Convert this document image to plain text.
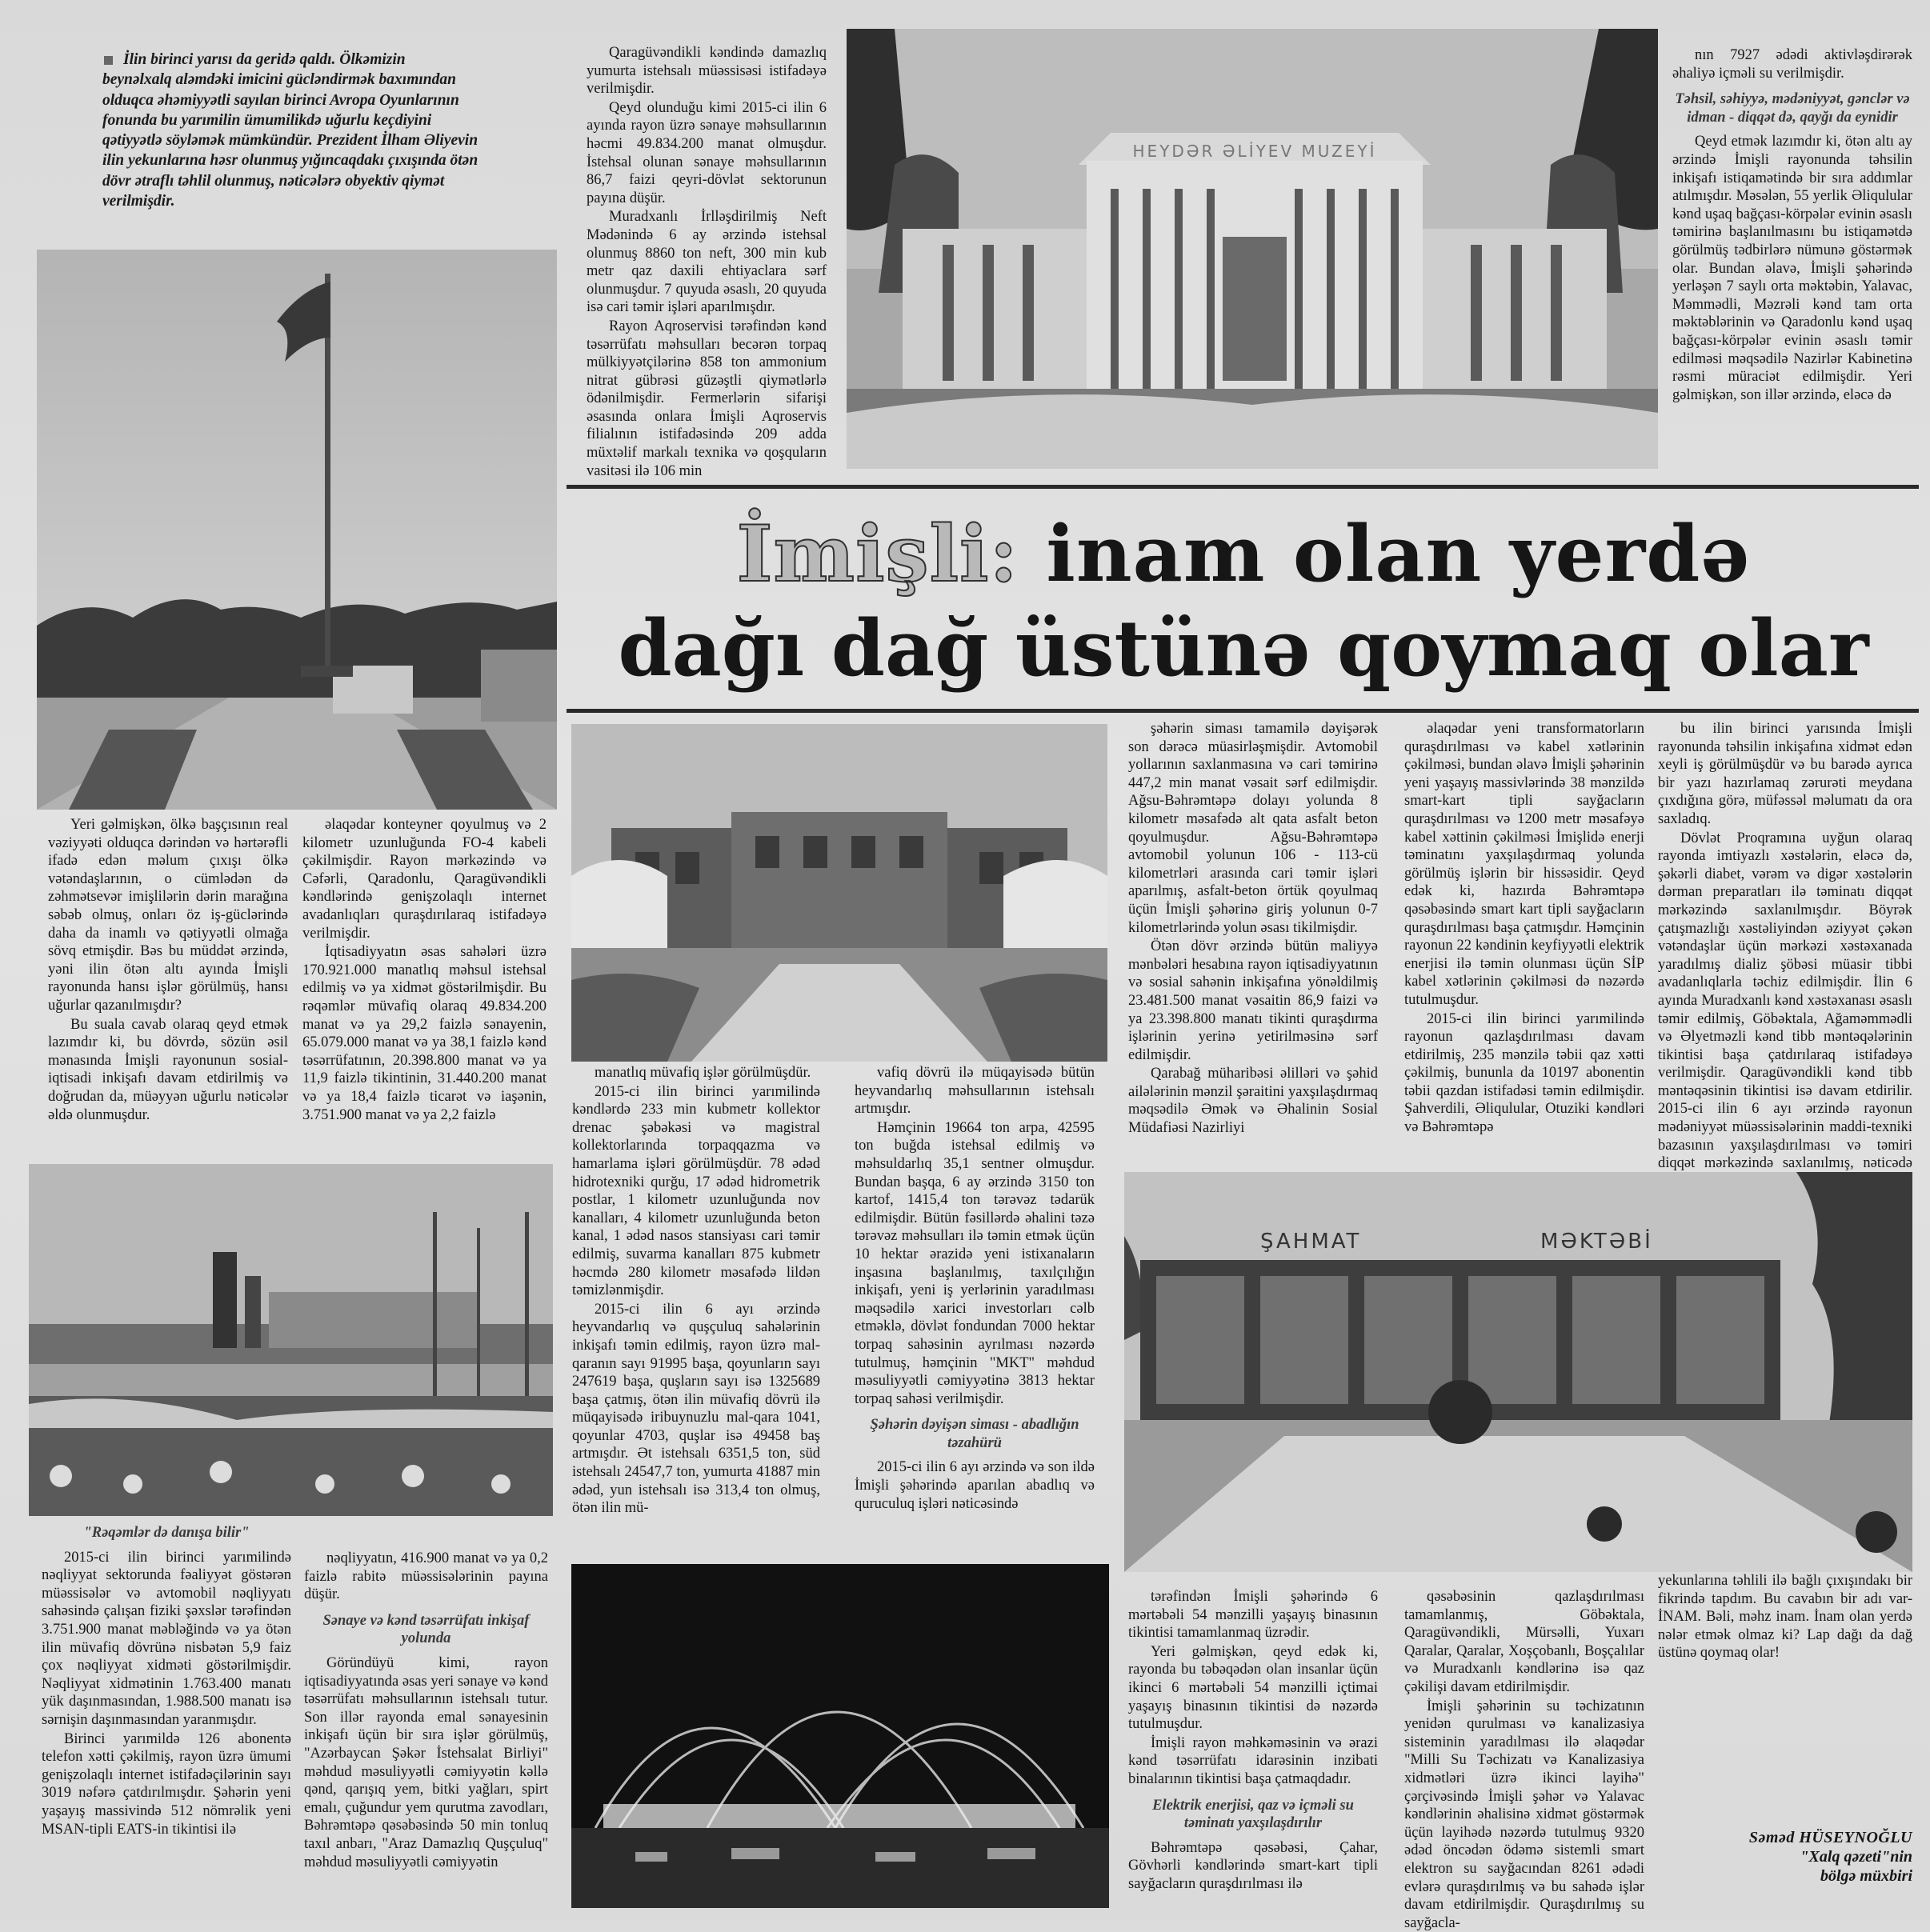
İlin birinci yarısı da geridə qaldı. Ölkəmizin beynəlxalq aləmdəki imicini gücləndirmək baxımından olduqca əhəmiyyətli sayılan birinci Avropa Oyunlarının fonunda bu yarımilin ümumilikdə uğurlu keçdiyini qətiyyətlə söyləmək mümkündür. Prezident İlham Əliyevin ilin yekunlarına həsr olunmuş yığıncaqdakı çıxışında ötən dövr ətraflı təhlil olunmuş, nəticələrə obyektiv qiymət verilmişdir.

Qaragüvəndikli kəndində damazlıq yumurta istehsalı müəssisəsi istifadəyə verilmişdir.

Qeyd olunduğu kimi 2015-ci ilin 6 ayında rayon üzrə sənaye məhsullarının həcmi 49.834.200 manat olmuşdur. İstehsal olunan sənaye məhsullarının 86,7 faizi qeyri-dövlət sektorunun payına düşür.

Muradxanlı İrlləşdirilmiş Neft Mədənində 6 ay ərzində istehsal olunmuş 8860 ton neft, 300 min kub metr qaz daxili ehtiyaclara sərf olunmuşdur. 7 quyuda əsaslı, 20 quyuda isə cari təmir işləri aparılmışdır.

Rayon Aqroservisi tərəfindən kənd təsərrüfatı məhsulları becərən torpaq mülkiyyətçilərinə 858 ton ammonium nitrat gübrəsi güzəştli qiymətlərlə ödənilmişdir. Fermerlərin sifarişi əsasında onlara İmişli Aqroservis filialının istifadəsində 209 adda müxtəlif markalı texnika və qoşquların vasitəsi ilə 106 min

HEYDƏR ƏLİYEV MUZEYİ

nın 7927 ədədi aktivləşdirərək əhaliyə içməli su verilmişdir.

Təhsil, səhiyyə, mədəniyyət, gənclər və idman - diqqət də, qayğı da eynidir

Qeyd etmək lazımdır ki, ötən altı ay ərzində İmişli rayonunda təhsilin inkişafı istiqamətində bir sıra addımlar atılmışdır. Məsələn, 55 yerlik Əliqulular kənd uşaq bağçası-körpələr evinin əsaslı təmirinə başlanılmasını bu istiqamətdə görülmüş tədbirlərə nümunə göstərmək olar. Bundan əlavə, İmişli şəhərində yerləşən 7 saylı orta məktəbin, Yalavac, Məmmədli, Məzrəli kənd tam orta məktəblərinin və Qaradonlu kənd uşaq bağçası-körpələr evinin əsaslı təmir edilməsi məqsədilə Nazirlər Kabinetinə rəsmi müraciət edilmişdir. Yeri gəlmişkən, son illər ərzində, eləcə də

İmişli: inam olan yerdə
dağı dağ üstünə qoymaq olar

Yeri gəlmişkən, ölkə başçısının real vəziyyəti olduqca dərindən və hərtərəfli ifadə edən məlum çıxışı ölkə vətəndaşlarının, o cümlədən də zəhmətsevər imişlilərin dərin marağına səbəb olmuş, onları öz iş-güclərində daha da inamlı və qətiyyətli olmağa sövq etmişdir. Bəs bu müddət ərzində, yəni ilin ötən altı ayında İmişli rayonunda hansı işlər görülmüş, hansı uğurlar qazanılmışdır?

Bu suala cavab olaraq qeyd etmək lazımdır ki, bu dövrdə, sözün əsil mənasında İmişli rayonunun sosial-iqtisadi inkişafı davam etdirilmiş və doğrudan da, müəyyən uğurlu nəticələr əldə olunmuşdur.

əlaqədar konteyner qoyulmuş və 2 kilometr uzunluğunda FO-4 kabeli çəkilmişdir. Rayon mərkəzində və Cəfərli, Qaradonlu, Qaragüvəndikli kəndlərində genişzolaqlı internet avadanlıqları quraşdırılaraq istifadəyə verilmişdir.

İqtisadiyyatın əsas sahələri üzrə 170.921.000 manatlıq məhsul istehsal edilmiş və ya xidmət göstərilmişdir. Bu rəqəmlər müvafiq olaraq 49.834.200 manat və ya 29,2 faizlə sənayenin, 65.079.000 manat və ya 38,1 faizlə kənd təsərrüfatının, 20.398.800 manat və ya 11,9 faizlə tikintinin, 31.440.200 manat və ya 18,4 faizlə ticarət və iaşənin, 3.751.900 manat və ya 2,2 faizlə

manatlıq müvafiq işlər görülmüşdür.

2015-ci ilin birinci yarımilində kəndlərdə 233 min kubmetr kollektor drenac şəbəkəsi və magistral kollektorlarında torpaqqazma və hamarlama işləri görülmüşdür. 78 ədəd hidrotexniki qurğu, 17 ədəd hidrometrik postlar, 1 kilometr uzunluğunda nov kanalları, 4 kilometr uzunluğunda beton kanal, 1 ədəd nasos stansiyası cari təmir edilmiş, suvarma kanalları 875 kubmetr həcmdə 280 kilometr məsafədə lildən təmizlənmişdir.

2015-ci ilin 6 ayı ərzində heyvandarlıq və quşçuluq sahələrinin inkişafı təmin edilmiş, rayon üzrə mal-qaranın sayı 91995 başa, qoyunların sayı 247619 başa, quşların sayı isə 1325689 başa çatmış, ötən ilin müvafiq dövrü ilə müqayisədə iribuynuzlu mal-qara 1041, qoyunlar 4703, quşlar isə 49458 baş artmışdır. Ət istehsalı 6351,5 ton, süd istehsalı 24547,7 ton, yumurta 41887 min ədəd, yun istehsalı isə 313,4 ton olmuş, ötən ilin mü-

vafiq dövrü ilə müqayisədə bütün heyvandarlıq məhsullarının istehsalı artmışdır.

Həmçinin 19664 ton arpa, 42595 ton buğda istehsal edilmiş və məhsuldarlıq 35,1 sentner olmuşdur. Bundan başqa, 6 ay ərzində 3150 ton kartof, 1415,4 ton tərəvəz tədarük edilmişdir. Bütün fəsillərdə əhalini təzə tərəvəz məhsulları ilə təmin etmək üçün 10 hektar ərazidə yeni istixanaların inşasına başlanılmış, taxılçılığın inkişafı, yeni iş yerlərinin yaradılması məqsədilə xarici investorları cəlb etməklə, dövlət fondundan 7000 hektar torpaq sahəsinin ayrılması nəzərdə tutulmuş, həmçinin "MKT" məhdud məsuliyyətli cəmiyyətinə 3813 hektar torpaq sahəsi verilmişdir.

Şəhərin dəyişən siması - abadlığın təzahürü

2015-ci ilin 6 ayı ərzində və son ildə İmişli şəhərində aparılan abadlıq və quruculuq işləri nəticəsində

şəhərin siması tamamilə dəyişərək son dərəcə müasirləşmişdir. Avtomobil yollarının saxlanmasına və cari təmirinə 447,2 min manat vəsait sərf edilmişdir. Ağsu-Bəhrəmtəpə dolayı yolunda 8 kilometr məsafədə alt qata asfalt beton qoyulmuşdur. Ağsu-Bəhrəmtəpə avtomobil yolunun 106 - 113-cü kilometrləri arasında cari təmir işləri aparılmış, asfalt-beton örtük qoyulmaq üçün İmişli şəhərinə giriş yolunun 0-7 kilometrlərində yolun əsası tikilmişdir.

Ötən dövr ərzində bütün maliyyə mənbələri hesabına rayon iqtisadiyyatının və sosial sahənin inkişafına yönəldilmiş 23.481.500 manat vəsaitin 86,9 faizi və ya 23.398.800 manatı tikinti quraşdırma işlərinin yerinə yetirilməsinə sərf edilmişdir.

Qarabağ müharibəsi əlilləri və şəhid ailələrinin mənzil şəraitini yaxşılaşdırmaq məqsədilə Əmək və Əhalinin Sosial Müdafiəsi Nazirliyi

əlaqədar yeni transformatorların quraşdırılması və kabel xətlərinin çəkilməsi, bundan əlavə İmişli şəhərinin yeni yaşayış massivlərində 38 mənzildə smart-kart tipli sayğacların quraşdırılması və 1200 metr məsafəyə kabel xəttinin çəkilməsi İmişlidə enerji təminatını yaxşılaşdırmaq yolunda görülmüş işlərin bir hissəsidir. Qeyd edək ki, hazırda Bəhrəmtəpə qəsəbəsində smart kart tipli sayğacların quraşdırılması başa çatmışdır. Həmçinin rayonun 22 kəndinin keyfiyyətli elektrik enerjisi ilə təmin olunması üçün SİP kabel xətlərinin çəkilməsi də nəzərdə tutulmuşdur.

2015-ci ilin birinci yarımilində rayonun qazlaşdırılması davam etdirilmiş, 235 mənzilə təbii qaz xətti çəkilmiş, bununla da 10197 abonentin təbii qazdan istifadəsi təmin edilmişdir. Şahverdili, Əliqulular, Otuziki kəndləri və Bəhrəmtəpə

bu ilin birinci yarısında İmişli rayonunda təhsilin inkişafına xidmət edən xeyli iş görülmüşdür və bu barədə ayrıca bir yazı hazırlamaq zərurəti meydana çıxdığına görə, müfəssəl məlumatı da ora saxladıq.

Dövlət Proqramına uyğun olaraq rayonda imtiyazlı xəstələrin, eləcə də, şəkərli diabet, vərəm və digər xəstələrin dərman preparatları ilə təminatı diqqət mərkəzində saxlanılmışdır. Böyrək çatışmazlığı xəstəliyindən əziyyət çəkən vətəndaşlar üçün mərkəzi xəstəxanada yaradılmış dializ şöbəsi müasir tibbi avadanlıqlarla təchiz edilmişdir. İlin 6 ayında Muradxanlı kənd xəstəxanası əsaslı təmir edilmiş, Göbəktala, Ağaməmmədli və Əlyetməzli kənd tibb məntəqələrinin tikintisi başa çatdırılaraq istifadəyə verilmişdir. Qaragüvəndikli kənd tibb məntəqəsinin tikintisi isə davam etdirilir. 2015-ci ilin 6 ayı ərzində rayonun mədəniyyət müəssisələrinin maddi-texniki bazasının yaxşılaşdırılması və təmiri diqqət mərkəzində saxlanılmış, nəticədə

yekunlarına təhlili ilə bağlı çıxışındakı bir fikrində tapdım. Bu cavabın bir adı var- İNAM. Bəli, məhz inam. İnam olan yerdə nələr etmək olmaz ki? Lap dağı da dağ üstünə qoymaq olar!

"Rəqəmlər də danışa bilir"

2015-ci ilin birinci yarımilində nəqliyyat sektorunda fəaliyyət göstərən müəssisələr və avtomobil nəqliyyatı sahəsində çalışan fiziki şəxslər tərəfindən 3.751.900 manat məbləğində və ya ötən ilin müvafiq dövrünə nisbətən 5,9 faiz çox nəqliyyat xidməti göstərilmişdir. Nəqliyyat xidmətinin 1.763.400 manatı yük daşınmasından, 1.988.500 manatı isə sərnişin daşınmasından yaranmışdır.

Birinci yarımildə 126 abonentə telefon xətti çəkilmiş, rayon üzrə ümumi genişzolaqlı internet istifadəçilərinin sayı 3019 nəfərə çatdırılmışdır. Şəhərin yeni yaşayış massivində 512 nömrəlik yeni MSAN-tipli EATS-in tikintisi ilə

nəqliyyatın, 416.900 manat və ya 0,2 faizlə rabitə müəssisələrinin payına düşür.

Sənaye və kənd təsərrüfatı inkişaf yolunda

Göründüyü kimi, rayon iqtisadiyyatında əsas yeri sənaye və kənd təsərrüfatı məhsullarının istehsalı tutur. Son illər rayonda emal sənayesinin inkişafı üçün bir sıra işlər görülmüş, "Azərbaycan Şəkər İstehsalat Birliyi" məhdud məsuliyyətli cəmiyyətin kəllə qənd, qarışıq yem, bitki yağları, spirt emalı, çuğundur yem qurutma zavodları, Bəhrəmtəpə qəsəbəsində 50 min tonluq taxıl anbarı, "Araz Damazlıq Quşçuluq" məhdud məsuliyyətli cəmiyyətin

ŞAHMAT	MƏKTƏBİ

tərəfindən İmişli şəhərində 6 mərtəbəli 54 mənzilli yaşayış binasının tikintisi tamamlanmaq üzrədir.

Yeri gəlmişkən, qeyd edək ki, rayonda bu təbəqədən olan insanlar üçün ikinci 6 mərtəbəli 54 mənzilli içtimai yaşayış binasının tikintisi də nəzərdə tutulmuşdur.

İmişli rayon məhkəməsinin və ərazi kənd təsərrüfatı idarəsinin inzibati binalarının tikintisi başa çatmaqdadır.

Elektrik enerjisi, qaz və içməli su təminatı yaxşılaşdırılır

Bəhrəmtəpə qəsəbəsi, Çahar, Gövhərli kəndlərində smart-kart tipli sayğacların quraşdırılması ilə

qəsəbəsinin qazlaşdırılması tamamlanmış, Göbəktala, Qaragüvəndikli, Mürsəlli, Yuxarı Qaralar, Qaralar, Xoşçobanlı, Boşçalılar və Muradxanlı kəndlərinə isə qaz çəkilişi davam etdirilmişdir.

İmişli şəhərinin su təchizatının yenidən qurulması və kanalizasiya sisteminin yaradılması ilə əlaqədar "Milli Su Təchizatı və Kanalizasiya xidmətləri üzrə ikinci layihə" çərçivəsində İmişli şəhər və Yalavac kəndlərinin əhalisinə xidmət göstərmək üçün layihədə nəzərdə tutulmuş 9320 ədəd öncədən ödəmə sistemli smart elektron su sayğacından 8261 ədədi evlərə quraşdırılmış və bu sahədə işlər davam etdirilmişdir. Quraşdırılmış su sayğacla-

Səməd HÜSEYNOĞLU
"Xalq qəzeti"nin
bölgə müxbiri
